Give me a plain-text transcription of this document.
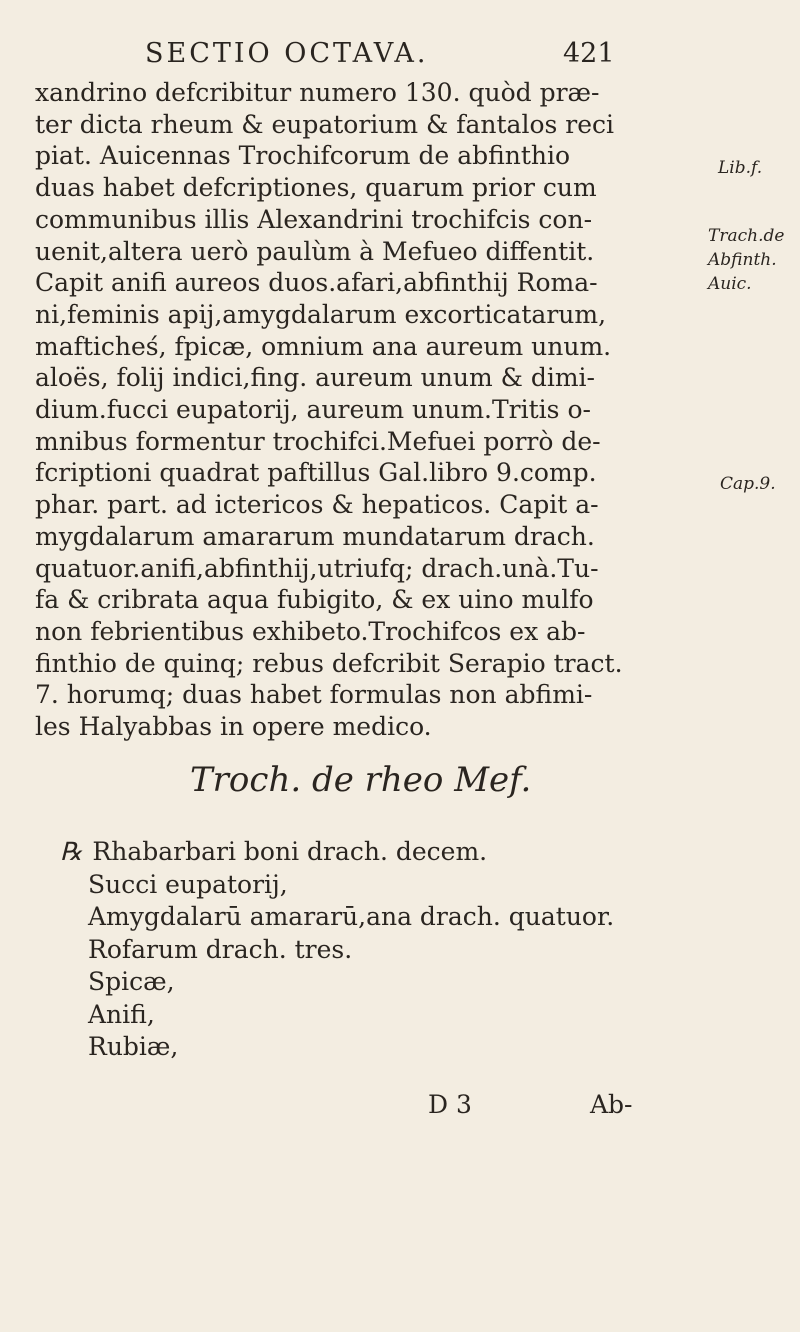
SECTIO OCTAVA.	421
xandrino defcribitur numero 130. quòd præ-
ter dicta rheum & eupatorium & fantalos reci
piat. Auicennas Trochifcorum de abfinthio
duas habet defcriptiones, quarum prior cum
communibus illis Alexandrini trochifcis con-
uenit,altera uerò paulùm à Mefueo diffentit.
Capit anifi aureos duos.afari,abfinthij Roma-
ni,feminis apij,amygdalarum excorticatarum,
mafticheś, fpicæ, omnium ana aureum unum.
aloës, folij indici,fing. aureum unum & dimi-
dium.fucci eupatorij, aureum unum.Tritis o-
mnibus formentur trochifci.Mefuei porrò de-
fcriptioni quadrat paftillus Gal.libro 9.comp.
phar. part. ad ictericos & hepaticos. Capit a-
mygdalarum amararum mundatarum drach.
quatuor.anifi,abfinthij,utriufq; drach.unà.Tu-
fa & cribrata aqua fubigito, & ex uino mulfo
non febrientibus exhibeto.Trochifcos ex ab-
finthio de quinq; rebus defcribit Serapio tract.
7. horumq; duas habet formulas non abfimi-
les Halyabbas in opere medico.
Lib.f.
Trach.de
Abfinth.
Auic.
Cap.9.
Troch. de rheo Mef.
℞ Rhabarbari boni drach. decem.
Succi eupatorij,
Amygdalarū amararū,ana drach. quatuor.
Rofarum drach. tres.
Spicæ,
Anifi,
Rubiæ,
D 3	Ab-
